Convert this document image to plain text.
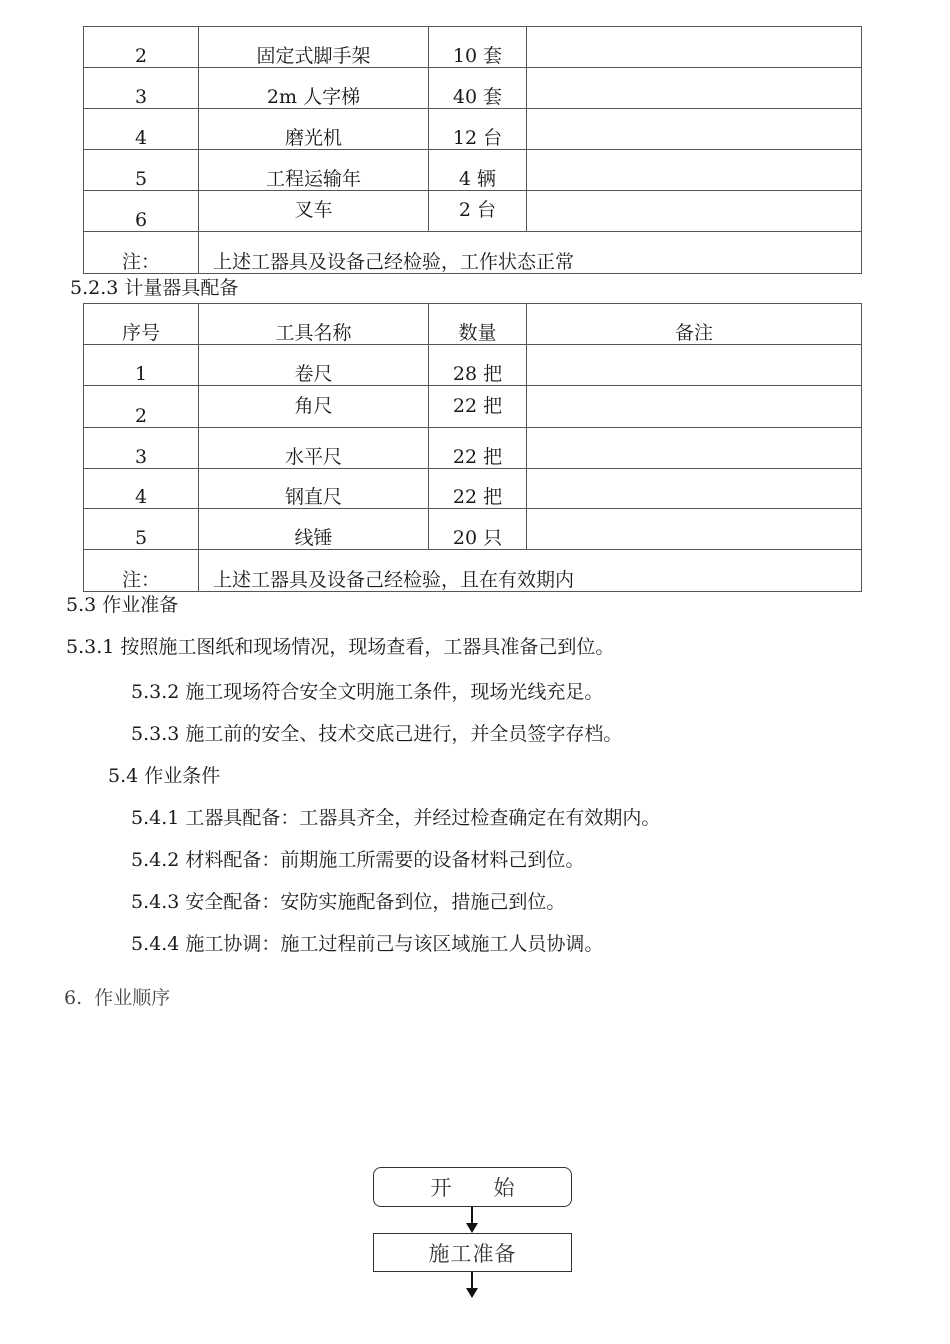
2	固定式脚手架	10 套	
3	2m 人字梯	40 套	
4	磨光机	12 台	
5	工程运输年	4 辆	
6	叉车	2 台	
注：	上述工器具及设备己经检验，工作状态正常		
5.2.3 计量器具配备
序号	工具名称	数量	备注
1	卷尺	28 把	
2	角尺	22 把	
3	水平尺	22 把	
4	钢直尺	22 把	
5	线锤	20 只	
注：	上述工器具及设备己经检验，且在有效期内		
5.3 作业准备
5.3.1 按照施工图纸和现场情况，现场查看，工器具准备己到位。
5.3.2 施工现场符合安全文明施工条件，现场光线充足。
5.3.3 施工前的安全、技术交底己进行，并全员签字存档。
5.4 作业条件
5.4.1 工器具配备：工器具齐全，并经过检查确定在有效期内。
5.4.2 材料配备：前期施工所需要的设备材料己到位。
5.4.3 安全配备：安防实施配备到位，措施己到位。
5.4.4 施工协调：施工过程前己与该区域施工人员协调。
6.  作业顺序
开　　始
施工准备
